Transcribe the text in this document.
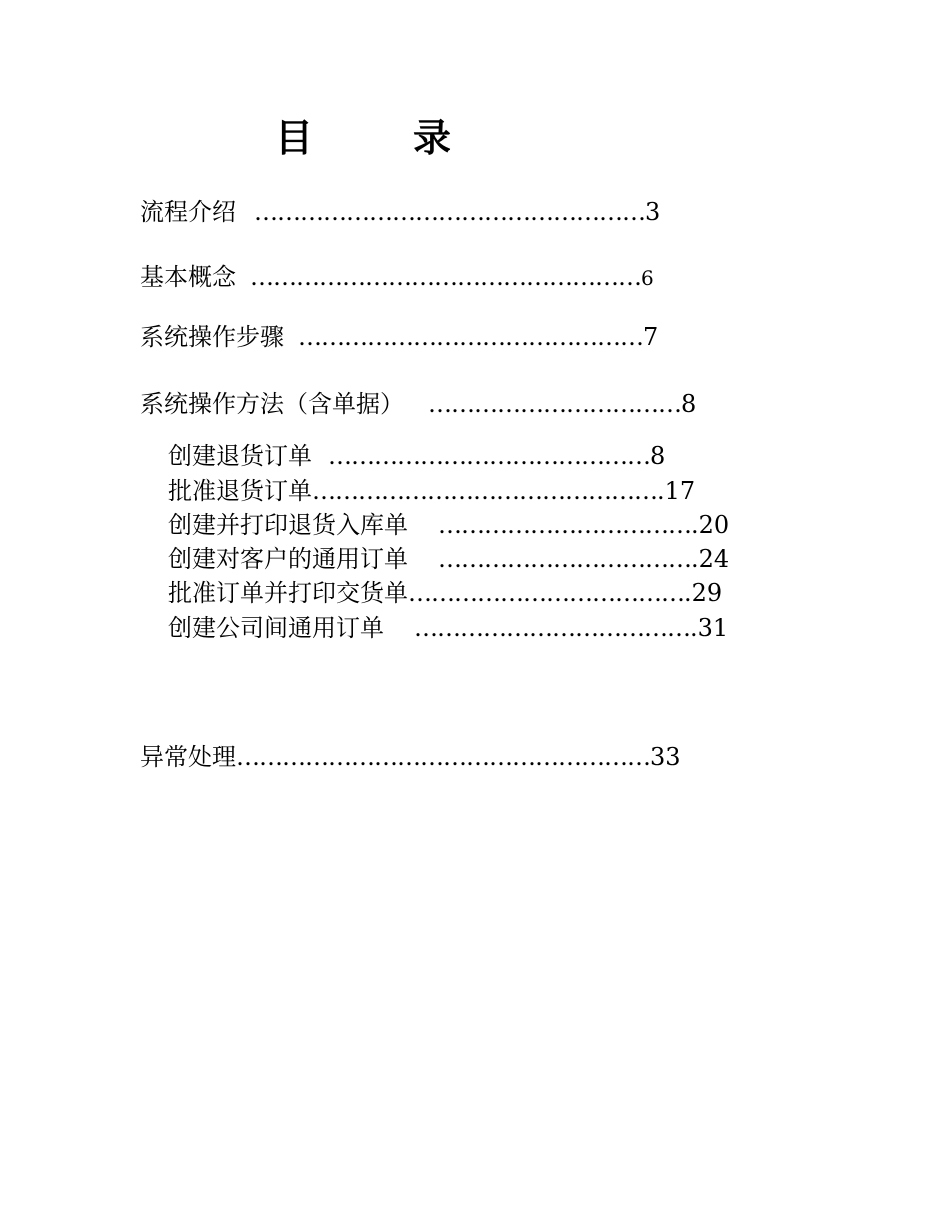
目	录
流程介绍 ……………………………………………3
基本概念 ……………………………………………6
系统操作步骤 ………………………………………7
系统操作方法（含单据） ……………………………8
创建退货订单 ……………………………………8
批准退货订单……………………………………….17
创建并打印退货入库单 …………………………….20
创建对客户的通用订单 …………………………….24
批准订单并打印交货单……………………………….29
创建公司间通用订单 ……………………………….31
异常处理………………………………………………33
